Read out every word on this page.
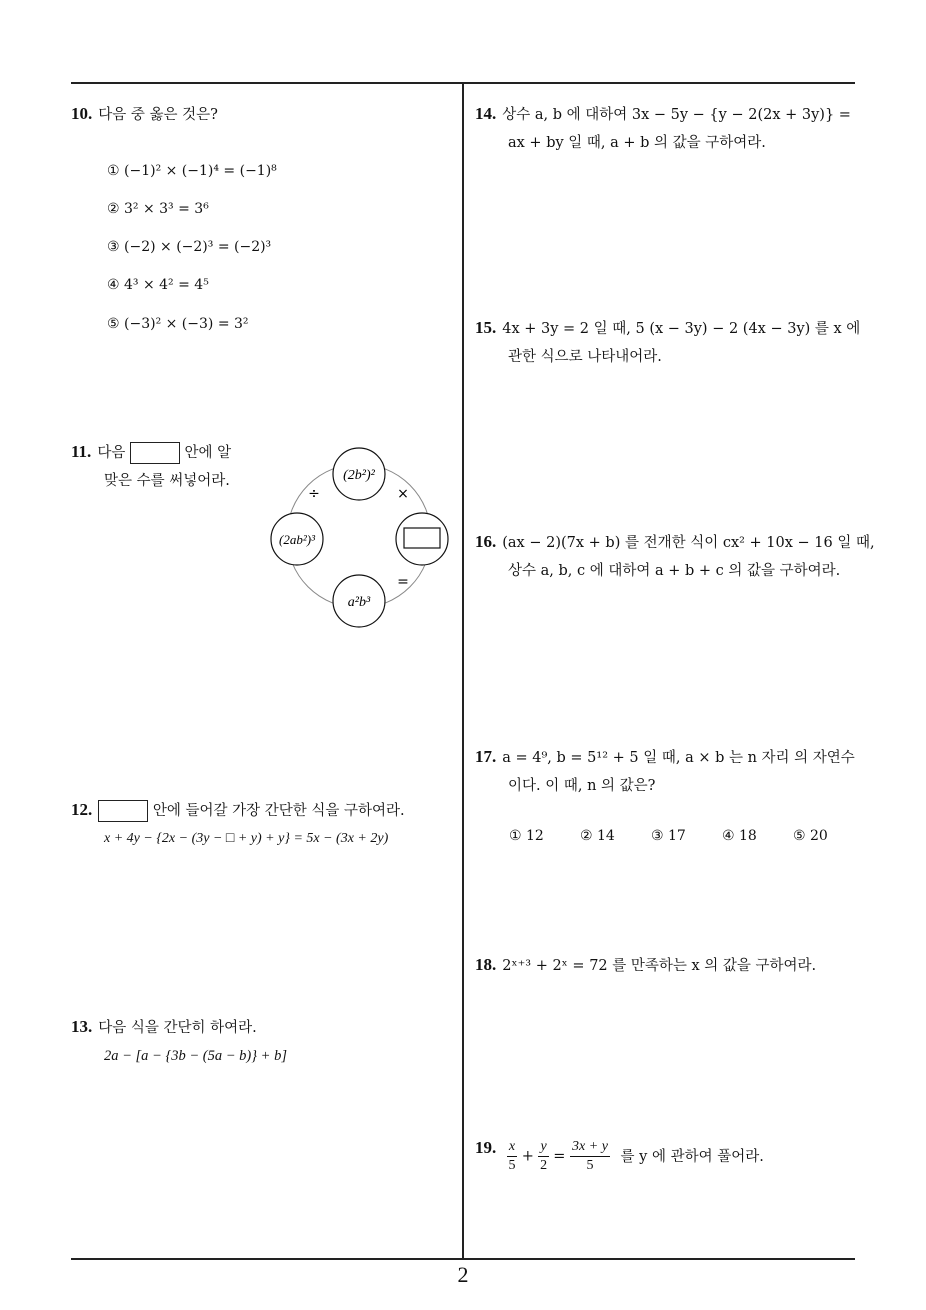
10. 다음 중 옳은 것은?
① (−1)² × (−1)⁴ = (−1)⁸
② 3² × 3³ = 3⁶
③ (−2) × (−2)³ = (−2)³
④ 4³ × 4² = 4⁵
⑤ (−3)² × (−3) = 3²
11. 다음	안에 알
맞은 수를 써넣어라.	(2b²)²
(2ab²)³
a²b³
÷	×
=
12.	안에 들어갈 가장 간단한 식을 구하여라.
x + 4y − {2x − (3y − □ + y) + y} = 5x − (3x + 2y)
13. 다음 식을 간단히 하여라.
2a − [a − {3b − (5a − b)} + b]
14. 상수 a, b 에 대하여 3x − 5y − {y − 2(2x + 3y)} =
ax + by 일 때, a + b 의 값을 구하여라.
15. 4x + 3y = 2 일 때, 5 (x − 3y) − 2 (4x − 3y) 를 x 에
관한 식으로 나타내어라.
16. (ax − 2)(7x + b) 를 전개한 식이 cx² + 10x − 16 일 때,
상수 a, b, c 에 대하여 a + b + c 의 값을 구하여라.
17. a = 4⁹, b = 5¹² + 5 일 때, a × b 는 n 자리 의 자연수
이다. 이 때, n 의 값은?
① 12	② 14	③ 17	④ 18	⑤ 20
18. 2ˣ⁺³ + 2ˣ = 72 를 만족하는 x 의 값을 구하여라.
19. $\frac{x}{5} + \frac{y}{2} = \frac{3x + y}{5}$ 를 y 에 관하여 풀어라.
2
